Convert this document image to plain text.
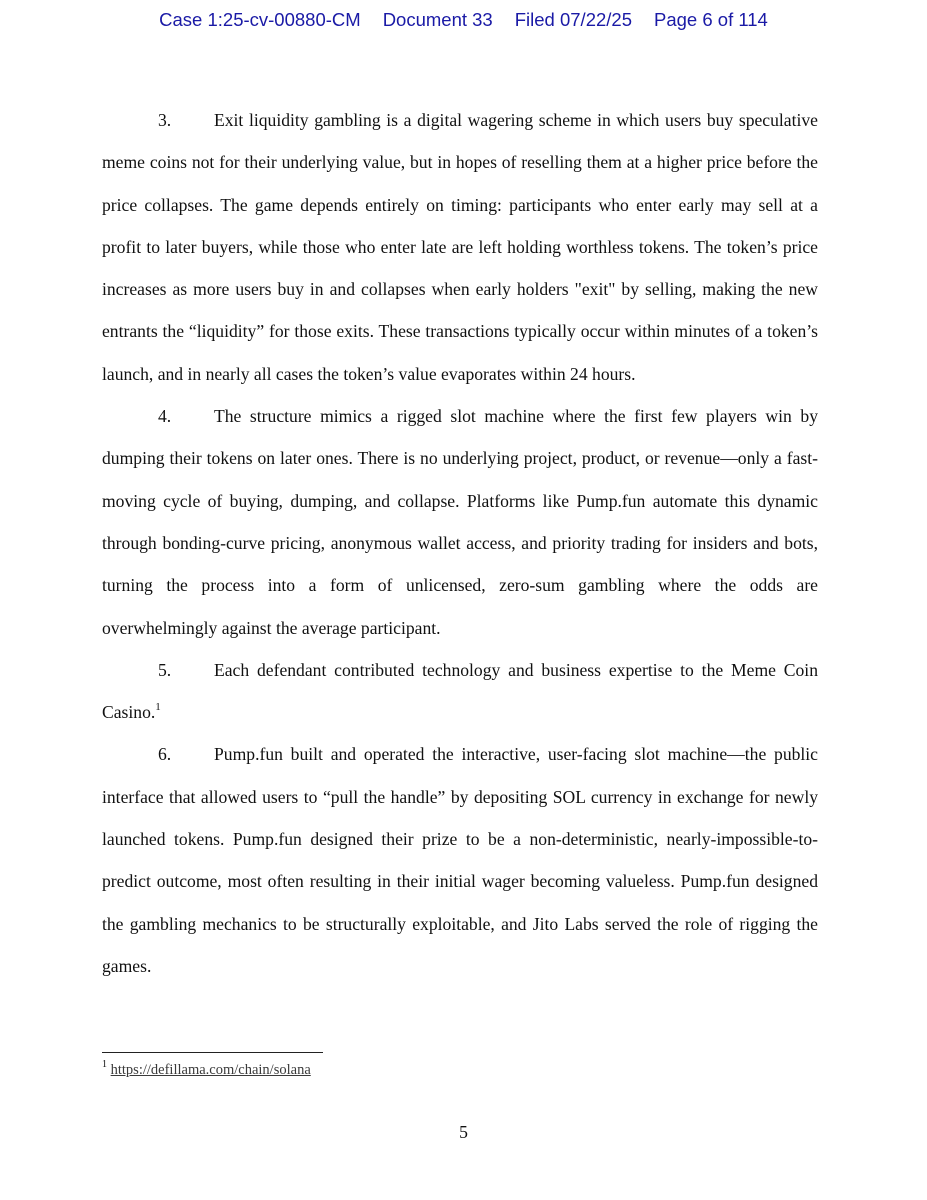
Case 1:25-cv-00880-CM Document 33 Filed 07/22/25 Page 6 of 114

3. Exit liquidity gambling is a digital wagering scheme in which users buy speculative meme coins not for their underlying value, but in hopes of reselling them at a higher price before the price collapses. The game depends entirely on timing: participants who enter early may sell at a profit to later buyers, while those who enter late are left holding worthless tokens. The token’s price increases as more users buy in and collapses when early holders "exit" by selling, making the new entrants the “liquidity” for those exits. These transactions typically occur within minutes of a token’s launch, and in nearly all cases the token’s value evaporates within 24 hours.

4. The structure mimics a rigged slot machine where the first few players win by dumping their tokens on later ones. There is no underlying project, product, or revenue—only a fast-moving cycle of buying, dumping, and collapse. Platforms like Pump.fun automate this dynamic through bonding-curve pricing, anonymous wallet access, and priority trading for insiders and bots, turning the process into a form of unlicensed, zero-sum gambling where the odds are overwhelmingly against the average participant.

5. Each defendant contributed technology and business expertise to the Meme Coin Casino.$^1$

6. Pump.fun built and operated the interactive, user-facing slot machine—the public interface that allowed users to “pull the handle” by depositing SOL currency in exchange for newly launched tokens. Pump.fun designed their prize to be a non-deterministic, nearly-impossible-to-predict outcome, most often resulting in their initial wager becoming valueless. Pump.fun designed the gambling mechanics to be structurally exploitable, and Jito Labs served the role of rigging the games.

$^1$ https://defillama.com/chain/solana
5
